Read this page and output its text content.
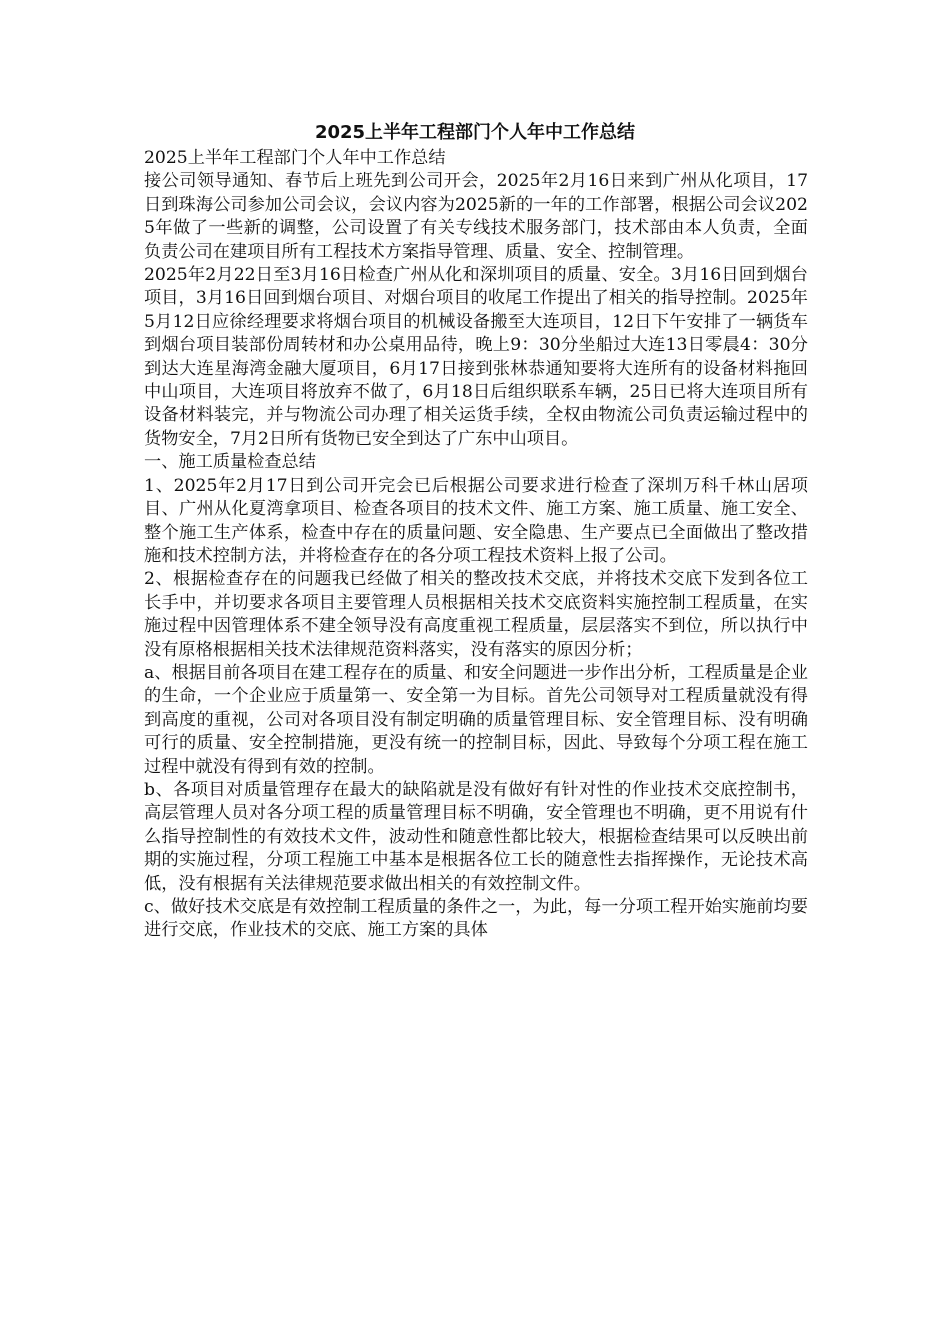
2025上半年工程部门个人年中工作总结

2025上半年工程部门个人年中工作总结

接公司领导通知、春节后上班先到公司开会，2025年2月16日来到广州从化项目，17日到珠海公司参加公司会议，会议内容为2025新的一年的工作部署，根据公司会议2025年做了一些新的调整，公司设置了有关专线技术服务部门，技术部由本人负责，全面负责公司在建项目所有工程技术方案指导管理、质量、安全、控制管理。

2025年2月22日至3月16日检查广州从化和深圳项目的质量、安全。3月16日回到烟台项目，3月16日回到烟台项目、对烟台项目的收尾工作提出了相关的指导控制。2025年5月12日应徐经理要求将烟台项目的机械设备搬至大连项目，12日下午安排了一辆货车到烟台项目装部份周转材和办公桌用品待，晚上9：30分坐船过大连13日零晨4：30分到达大连星海湾金融大厦项目，6月17日接到张林恭通知要将大连所有的设备材料拖回中山项目，大连项目将放弃不做了，6月18日后组织联系车辆，25日已将大连项目所有设备材料装完，并与物流公司办理了相关运货手续，全权由物流公司负责运输过程中的货物安全，7月2日所有货物已安全到达了广东中山项目。

一、施工质量检查总结

1、2025年2月17日到公司开完会已后根据公司要求进行检查了深圳万科千林山居项目、广州从化夏湾拿项目、检查各项目的技术文件、施工方案、施工质量、施工安全、整个施工生产体系，检查中存在的质量问题、安全隐患、生产要点已全面做出了整改措施和技术控制方法，并将检查存在的各分项工程技术资料上报了公司。

2、根据检查存在的问题我已经做了相关的整改技术交底，并将技术交底下发到各位工长手中，并切要求各项目主要管理人员根据相关技术交底资料实施控制工程质量，在实施过程中因管理体系不建全领导没有高度重视工程质量，层层落实不到位，所以执行中没有原格根据相关技术法律规范资料落实，没有落实的原因分析；

a、根据目前各项目在建工程存在的质量、和安全问题进一步作出分析，工程质量是企业的生命，一个企业应于质量第一、安全第一为目标。首先公司领导对工程质量就没有得到高度的重视，公司对各项目没有制定明确的质量管理目标、安全管理目标、没有明确可行的质量、安全控制措施，更没有统一的控制目标，因此、导致每个分项工程在施工过程中就没有得到有效的控制。

b、各项目对质量管理存在最大的缺陷就是没有做好有针对性的作业技术交底控制书，高层管理人员对各分项工程的质量管理目标不明确，安全管理也不明确，更不用说有什么指导控制性的有效技术文件，波动性和随意性都比较大，根据检查结果可以反映出前期的实施过程，分项工程施工中基本是根据各位工长的随意性去指挥操作，无论技术高低，没有根据有关法律规范要求做出相关的有效控制文件。

c、做好技术交底是有效控制工程质量的条件之一，为此，每一分项工程开始实施前均要进行交底，作业技术的交底、施工方案的具体
